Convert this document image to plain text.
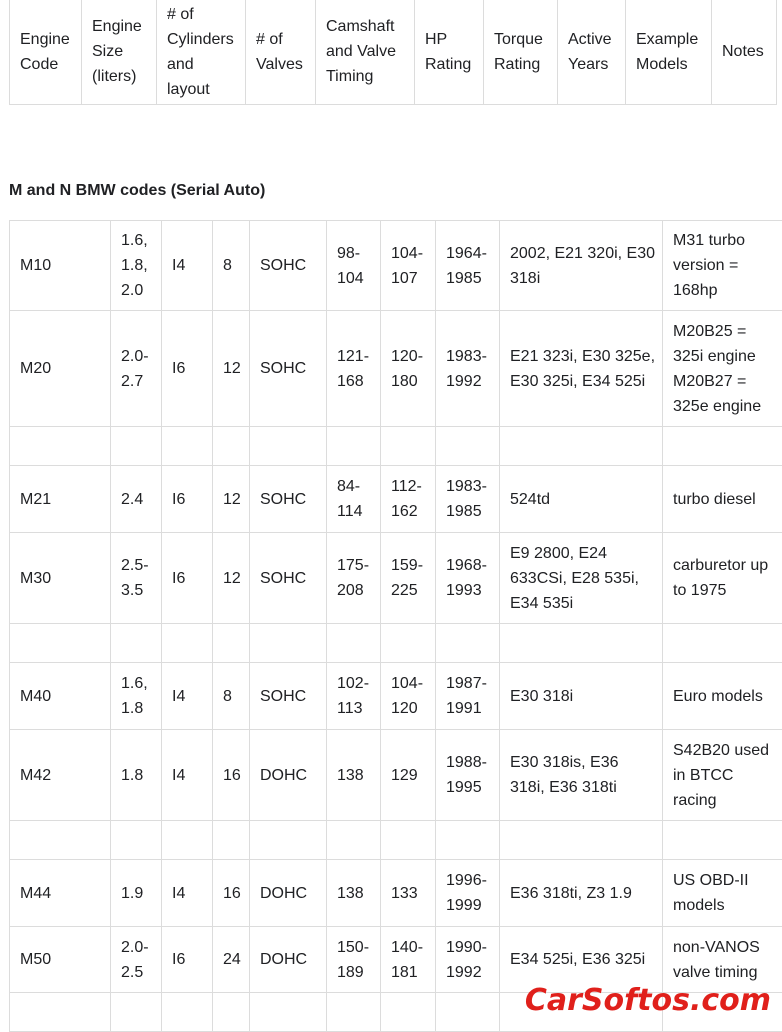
Engine Code	Engine Size (liters)	# of Cylinders and layout	# of Valves	Camshaft and Valve Timing	HP Rating	Torque Rating	Active Years	Example Models	Notes
M and N BMW codes (Serial Auto)
M10	1.6, 1.8, 2.0	I4	8	SOHC	98-104	104-107	1964-1985	2002, E21 320i, E30 318i	M31 turbo version = 168hp
M20	2.0-2.7	I6	12	SOHC	121-168	120-180	1983-1992	E21 323i, E30 325e, E30 325i, E34 525i	M20B25 = 325i engine M20B27 = 325e engine

M21	2.4	I6	12	SOHC	84-114	112-162	1983-1985	524td	turbo diesel
M30	2.5-3.5	I6	12	SOHC	175-208	159-225	1968-1993	E9 2800, E24 633CSi, E28 535i, E34 535i	carburetor up to 1975

M40	1.6, 1.8	I4	8	SOHC	102-113	104-120	1987-1991	E30 318i	Euro models
M42	1.8	I4	16	DOHC	138	129	1988-1995	E30 318is, E36 318i, E36 318ti	S42B20 used in BTCC racing

M44	1.9	I4	16	DOHC	138	133	1996-1999	E36 318ti, Z3 1.9	US OBD-II models
M50	2.0-2.5	I6	24	DOHC	150-189	140-181	1990-1992	E34 525i, E36 325i	non-VANOS valve timing

CarSoftos.com
